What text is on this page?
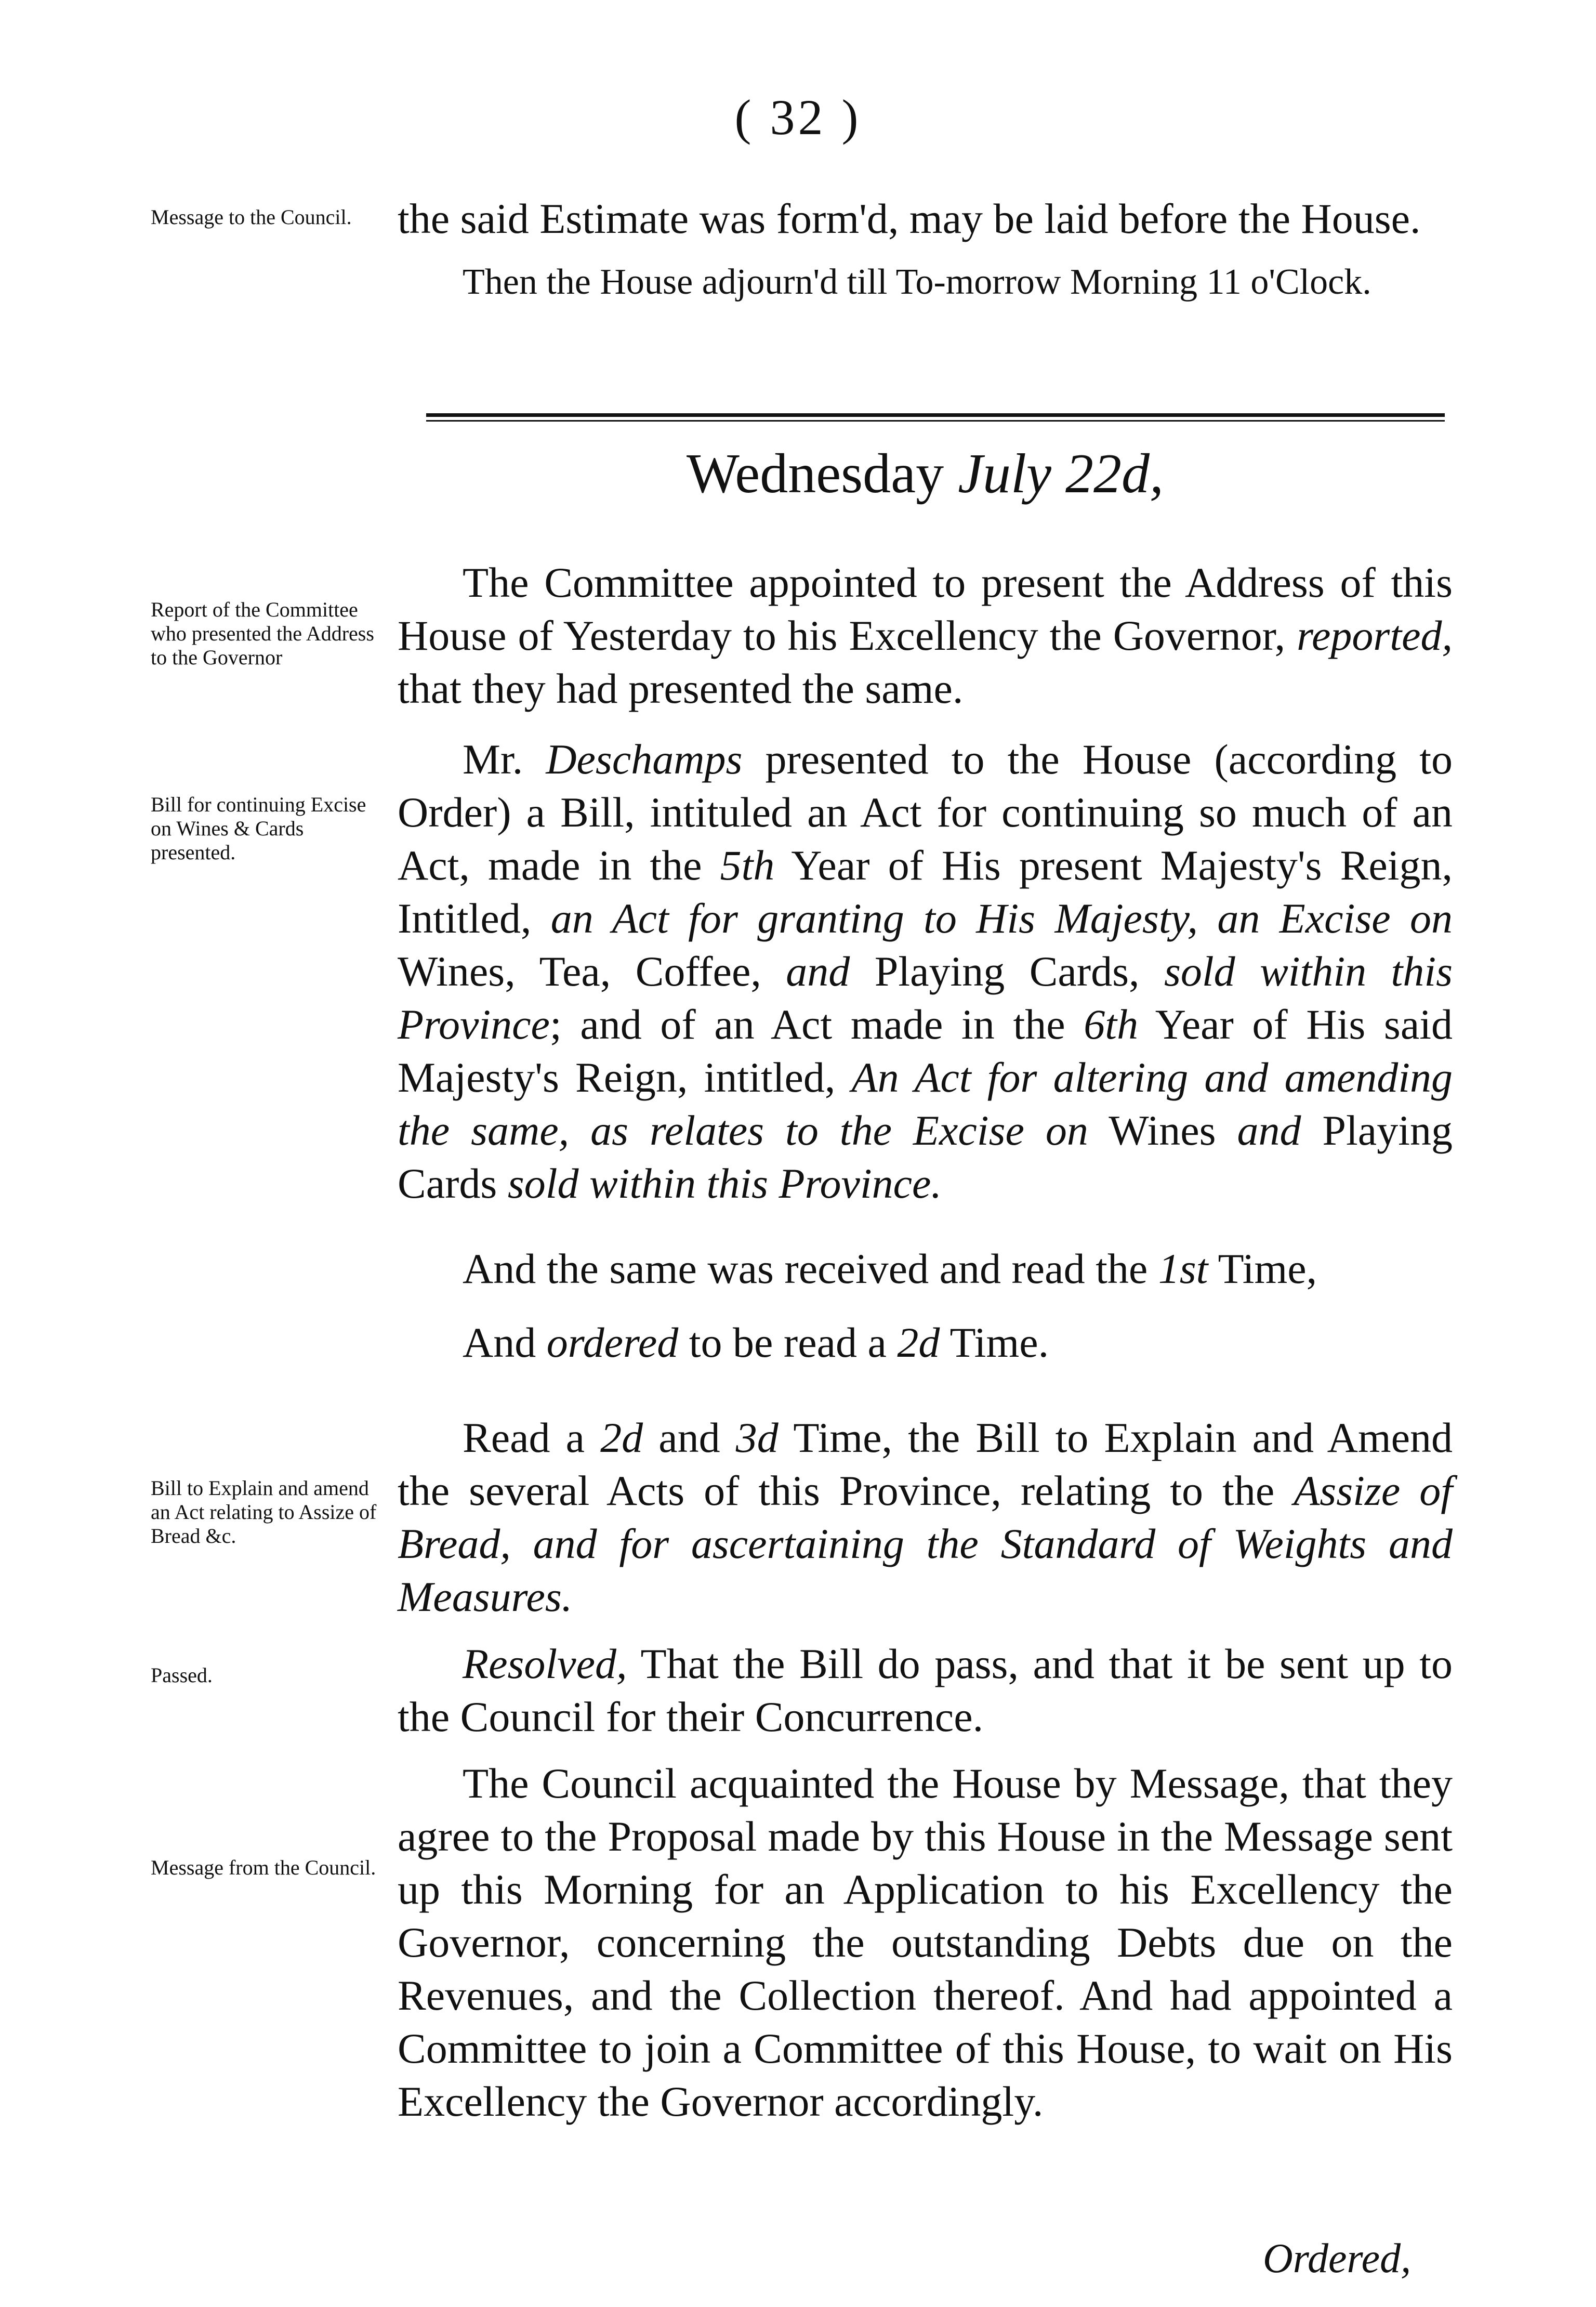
( 32 )
Message to the Council.
Report of the Committee who presented the Address to the Governor
Bill for continuing Excise on Wines & Cards presented.
Bill to Explain and amend an Act relating to Assize of Bread &c.
Passed.
Message from the Council.

the said Estimate was form'd, may be laid before the House.

Then the House adjourn'd till To-morrow Morning 11 o'Clock.

Wednesday July 22d,

The Committee appointed to present the Address of this House of Yesterday to his Excellency the Governor, reported, that they had presented the same.

Mr. Deschamps presented to the House (according to Order) a Bill, intituled an Act for continuing so much of an Act, made in the 5th Year of His present Majesty's Reign, Intitled, an Act for granting to His Majesty, an Excise on Wines, Tea, Coffee, and Playing Cards, sold within this Province; and of an Act made in the 6th Year of His said Majesty's Reign, intitled, An Act for altering and amending the same, as relates to the Excise on Wines and Playing Cards sold within this Province.

And the same was received and read the 1st Time,

And ordered to be read a 2d Time.

Read a 2d and 3d Time, the Bill to Explain and Amend the several Acts of this Province, relating to the Assize of Bread, and for ascertaining the Standard of Weights and Measures.

Resolved, That the Bill do pass, and that it be sent up to the Council for their Concurrence.

The Council acquainted the House by Message, that they agree to the Proposal made by this House in the Message sent up this Morning for an Application to his Excellency the Governor, concerning the outstanding Debts due on the Revenues, and the Collection thereof. And had appointed a Committee to join a Committee of this House, to wait on His Excellency the Governor accordingly.

Ordered,
